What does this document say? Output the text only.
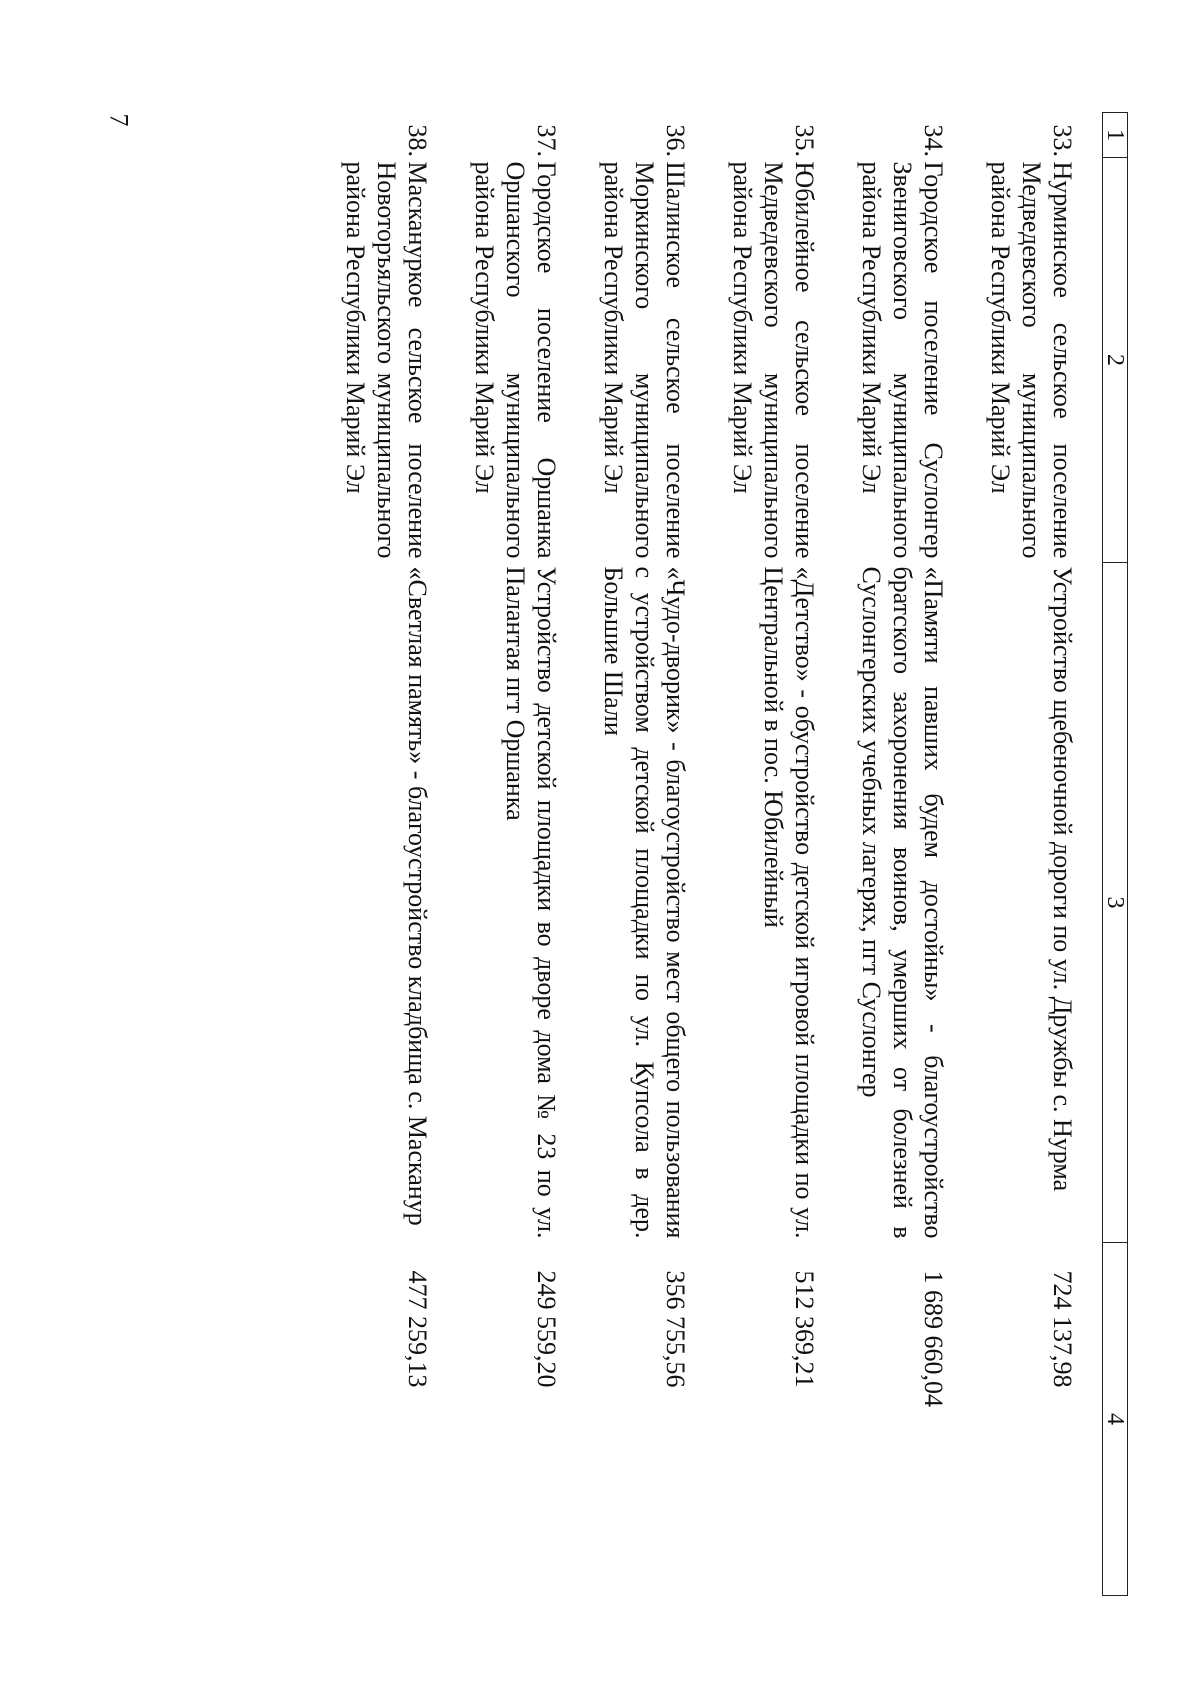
7
1	2	3	4
33.	Нурминское сельское поселение Медведевского муниципального района Республики Марий Эл	Устройство щебеночной дороги по ул. Дружбы с. Нурма	724 137,98
34.	Городское поселение Суслонгер Звениговского муниципального района Республики Марий Эл	«Памяти павших будем достойны» - благоустройство братского захоронения воинов, умерших от болезней в Суслонгерских учебных лагерях, пгт Суслонгер	1 689 660,04
35.	Юбилейное сельское поселение Медведевского муниципального района Республики Марий Эл	«Детство» - обустройство детской игровой площадки по ул. Центральной в пос. Юбилейный	512 369,21
36.	Шалинское сельское поселение Моркинского муниципального района Республики Марий Эл	«Чудо-дворик» - благоустройство мест общего пользования с устройством детской площадки по ул. Купсола в дер. Большие Шали	356 755,56
37.	Городское поселение Оршанка Оршанского муниципального района Республики Марий Эл	Устройство детской площадки во дворе дома № 23 по ул. Палантая пгт Оршанка	249 559,20
38.	Маскануркое сельское поселение Новоторъяльского муниципального района Республики Марий Эл	«Светлая память» - благоустройство кладбища с. Маскануp	477 259,13
